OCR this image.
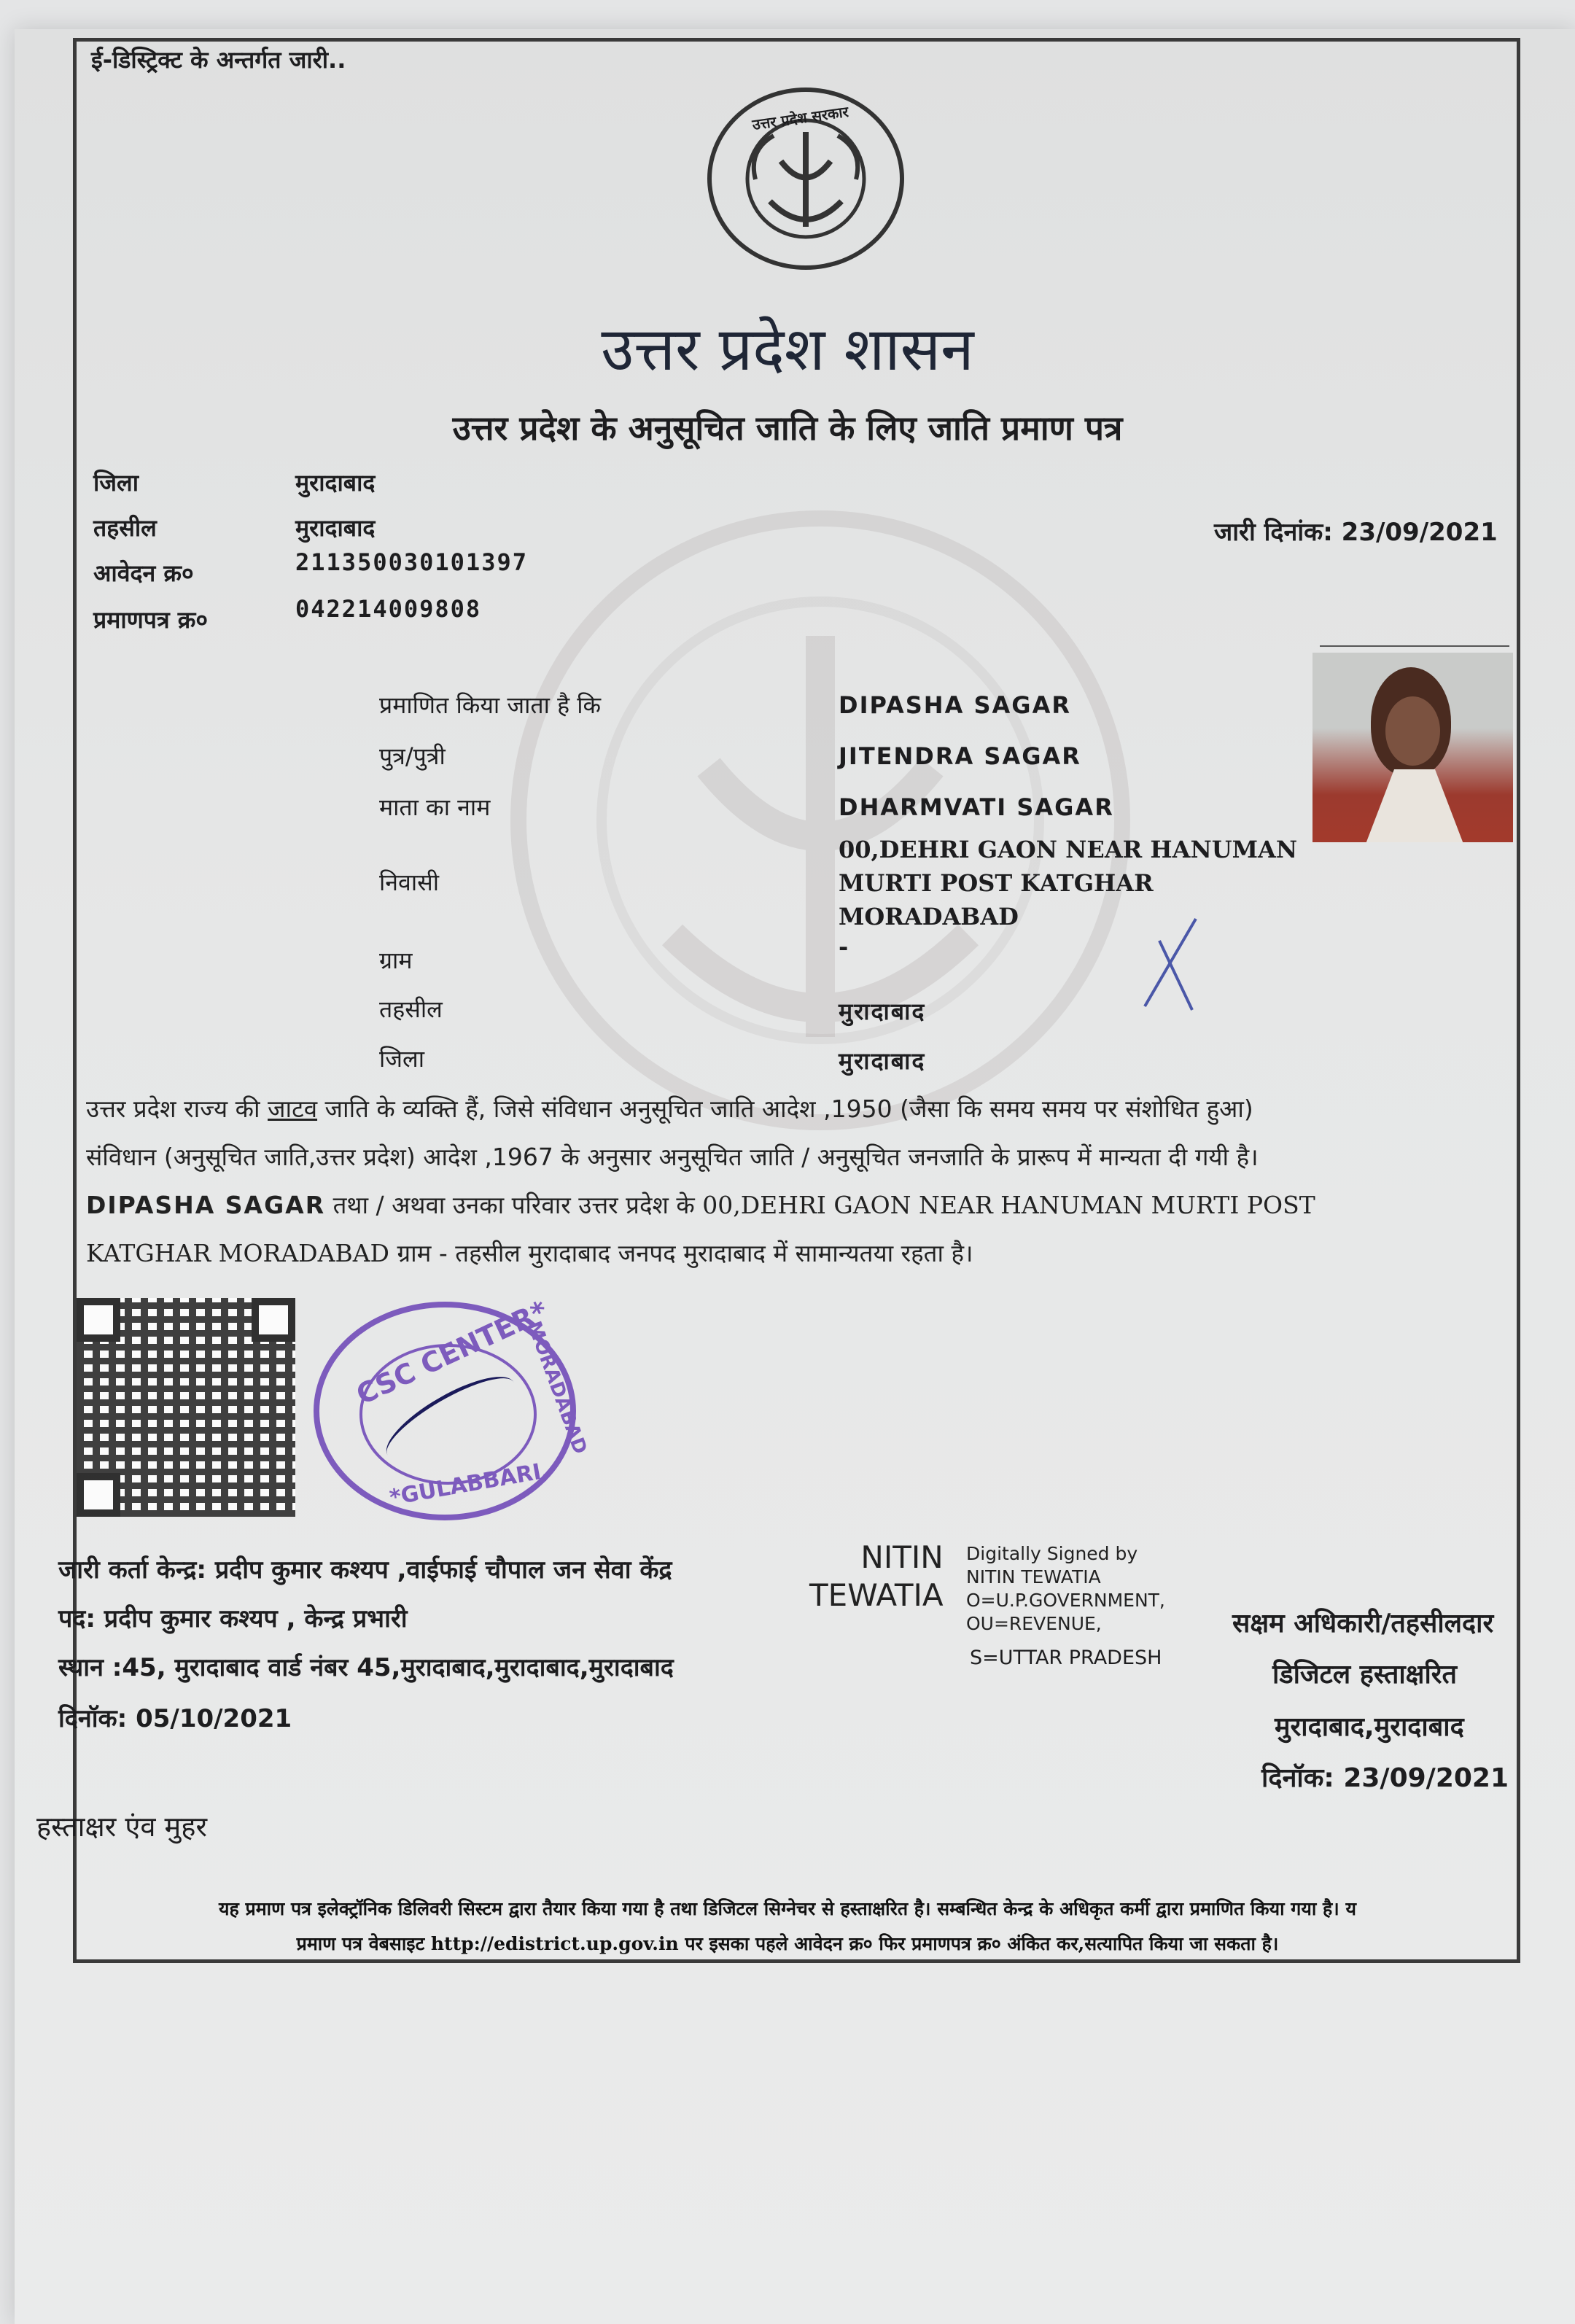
ई-डिस्ट्रिक्ट के अन्तर्गत जारी..
उत्तर प्रदेश सरकार
उत्तर प्रदेश शासन
उत्तर प्रदेश के अनुसूचित जाति के लिए जाति प्रमाण पत्र
जिला	मुरादाबाद
तहसील	मुरादाबाद
आवेदन क्र०	211350030101397
प्रमाणपत्र क्र०	042214009808
जारी दिनांक: 23/09/2021
प्रमाणित किया जाता है कि	DIPASHA SAGAR
पुत्र/पुत्री	JITENDRA SAGAR
माता का नाम	DHARMVATI SAGAR
निवासी
00,DEHRI GAON NEAR HANUMAN
MURTI POST KATGHAR
MORADABAD
ग्राम	-
तहसील	मुरादाबाद
जिला	मुरादाबाद
उत्तर प्रदेश राज्य की जाटव जाति के व्यक्ति हैं, जिसे संविधान अनुसूचित जाति आदेश ,1950 (जैसा कि समय समय पर संशोधित हुआ)
संविधान (अनुसूचित जाति,उत्तर प्रदेश) आदेश ,1967 के अनुसार अनुसूचित जाति / अनुसूचित जनजाति के प्रारूप में मान्यता दी गयी है।
DIPASHA SAGAR तथा / अथवा उनका परिवार उत्तर प्रदेश के 00,DEHRI GAON NEAR HANUMAN MURTI POST
KATGHAR MORADABAD ग्राम - तहसील मुरादाबाद जनपद मुरादाबाद में सामान्यतया रहता है।
CSC CENTER*
*GULABBARI,
MORADABAD
जारी कर्ता केन्द्र: प्रदीप कुमार कश्यप ,वाईफाई चौपाल जन सेवा केंद्र
पद: प्रदीप कुमार कश्यप , केन्द्र प्रभारी
स्थान :45, मुरादाबाद वार्ड नंबर 45,मुरादाबाद,मुरादाबाद,मुरादाबाद
दिनॉक: 05/10/2021
NITIN
TEWATIA
Digitally Signed by
NITIN TEWATIA
O=U.P.GOVERNMENT,
OU=REVENUE,
S=UTTAR PRADESH
सक्षम अधिकारी/तहसीलदार
डिजिटल हस्ताक्षरित
मुरादाबाद,मुरादाबाद
दिनॉक: 23/09/2021
हस्ताक्षर एंव मुहर
यह प्रमाण पत्र इलेक्ट्रॉनिक डिलिवरी सिस्टम द्वारा तैयार किया गया है तथा डिजिटल सिग्नेचर से हस्ताक्षरित है। सम्बन्धित केन्द्र के अधिकृत कर्मी द्वारा प्रमाणित किया गया है। य
प्रमाण पत्र वेबसाइट http://edistrict.up.gov.in पर इसका पहले आवेदन क्र० फिर प्रमाणपत्र क्र० अंकित कर,सत्यापित किया जा सकता है।
